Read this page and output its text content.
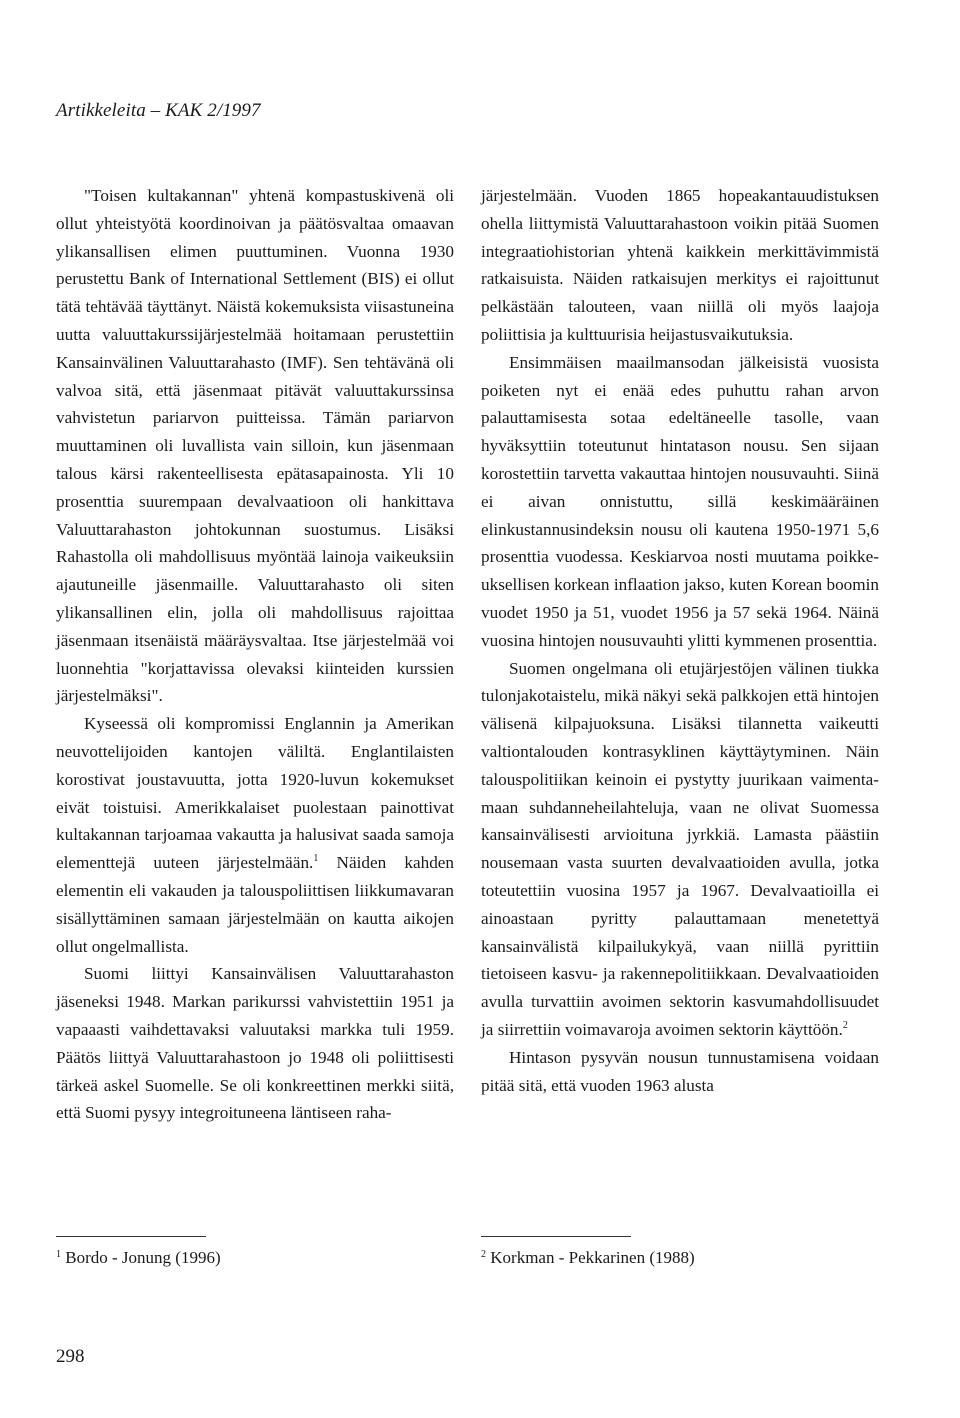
Artikkeleita – KAK 2/1997

"Toisen kultakannan" yhtenä kompastuskivenä oli ollut yhteistyötä koordinoivan ja päätösvaltaa omaavan ylikansallisen elimen puuttuminen. Vuonna 1930 perustettu Bank of International Settlement (BIS) ei ollut tätä tehtävää täyttänyt. Näistä kokemuksista viisastuneina uutta valuuttakurssijärjestelmää hoitamaan perustettiin Kansainvälinen Valuuttarahasto (IMF). Sen tehtävänä oli valvoa sitä, että jäsenmaat pitävät valuuttakurssinsa vahvistetun pariarvon puitteissa. Tämän pariarvon muuttaminen oli luvallista vain silloin, kun jäsenmaan talous kärsi rakenteellisesta epätasapainosta. Yli 10 prosenttia suurempaan devalvaatioon oli hankittava Valuuttarahaston johtokunnan suostumus. Lisäksi Rahastolla oli mahdollisuus myöntää lainoja vaikeuksiin ajautuneille jäsenmaille. Valuuttarahasto oli siten ylikansallinen elin, jolla oli mahdollisuus rajoittaa jäsenmaan itsenäistä määräysvaltaa. Itse järjestelmää voi luonnehtia "korjattavissa olevaksi kiinteiden kurssien järjestelmäksi".

Kyseessä oli kompromissi Englannin ja Amerikan neuvottelijoiden kantojen väliltä. Englantilaisten korostivat joustavuutta, jotta 1920-luvun kokemukset eivät toistuisi. Amerikkalaiset puolestaan painottivat kultakannan tarjoamaa vakautta ja halusivat saada samoja elementtejä uuteen järjestelmään.$^1$ Näiden kahden elementin eli vakauden ja talouspoliittisen liikkumavaran sisällyttäminen samaan järjestelmään on kautta aikojen ollut ongelmallista.

Suomi liittyi Kansainvälisen Valuuttarahaston jäseneksi 1948. Markan parikurssi vahvistettiin 1951 ja vapaaasti vaihdettavaksi valuutaksi markka tuli 1959. Päätös liittyä Valuuttarahastoon jo 1948 oli poliittisesti tärkeä askel Suomelle. Se oli konkreettinen merkki siitä, että Suomi pysyy integroituneena läntiseen raha-

järjestelmään. Vuoden 1865 hopeakantauudistuksen ohella liittymistä Valuuttarahastoon voikin pitää Suomen integraatiohistorian yhtenä kaikkein merkittävimmistä ratkaisuista. Näiden ratkaisujen merkitys ei rajoittunut pelkästään talouteen, vaan niillä oli myös laajoja poliittisia ja kulttuurisia heijastusvaikutuksia.

Ensimmäisen maailmansodan jälkeisistä vuosista poiketen nyt ei enää edes puhuttu rahan arvon palauttamisesta sotaa edeltäneelle tasolle, vaan hyväksyttiin toteutunut hintatason nousu. Sen sijaan korostettiin tarvetta vakauttaa hintojen nousuvauhti. Siinä ei aivan onnistuttu, sillä keskimääräinen elinkustannusindeksin nousu oli kautena 1950-1971 5,6 prosenttia vuodessa. Keskiarvoa nosti muutama poikkeuksellisen korkean inflaation jakso, kuten Korean boomin vuodet 1950 ja 51, vuodet 1956 ja 57 sekä 1964. Näinä vuosina hintojen nousuvauhti ylitti kymmenen prosenttia.

Suomen ongelmana oli etujärjestöjen välinen tiukka tulonjakotaistelu, mikä näkyi sekä palkkojen että hintojen välisenä kilpajuoksuna. Lisäksi tilannetta vaikeutti valtiontalouden kontrasyklinen käyttäytyminen. Näin talouspolitiikan keinoin ei pystytty juurikaan vaimentamaan suhdanneheilahteluja, vaan ne olivat Suomessa kansainvälisesti arvioituna jyrkkiä. Lamasta päästiin nousemaan vasta suurten devalvaatioiden avulla, jotka toteutettiin vuosina 1957 ja 1967. Devalvaatioilla ei ainoastaan pyritty palauttamaan menetettyä kansainvälistä kilpailukykyä, vaan niillä pyrittiin tietoiseen kasvu- ja rakennepolitiikkaan. Devalvaatioiden avulla turvattiin avoimen sektorin kasvumahdollisuudet ja siirrettiin voimavaroja avoimen sektorin käyttöön.$^2$

Hintason pysyvän nousun tunnustamisena voidaan pitää sitä, että vuoden 1963 alusta

$^1$ Bordo - Jonung (1996)	$^2$ Korkman - Pekkarinen (1988)
298
